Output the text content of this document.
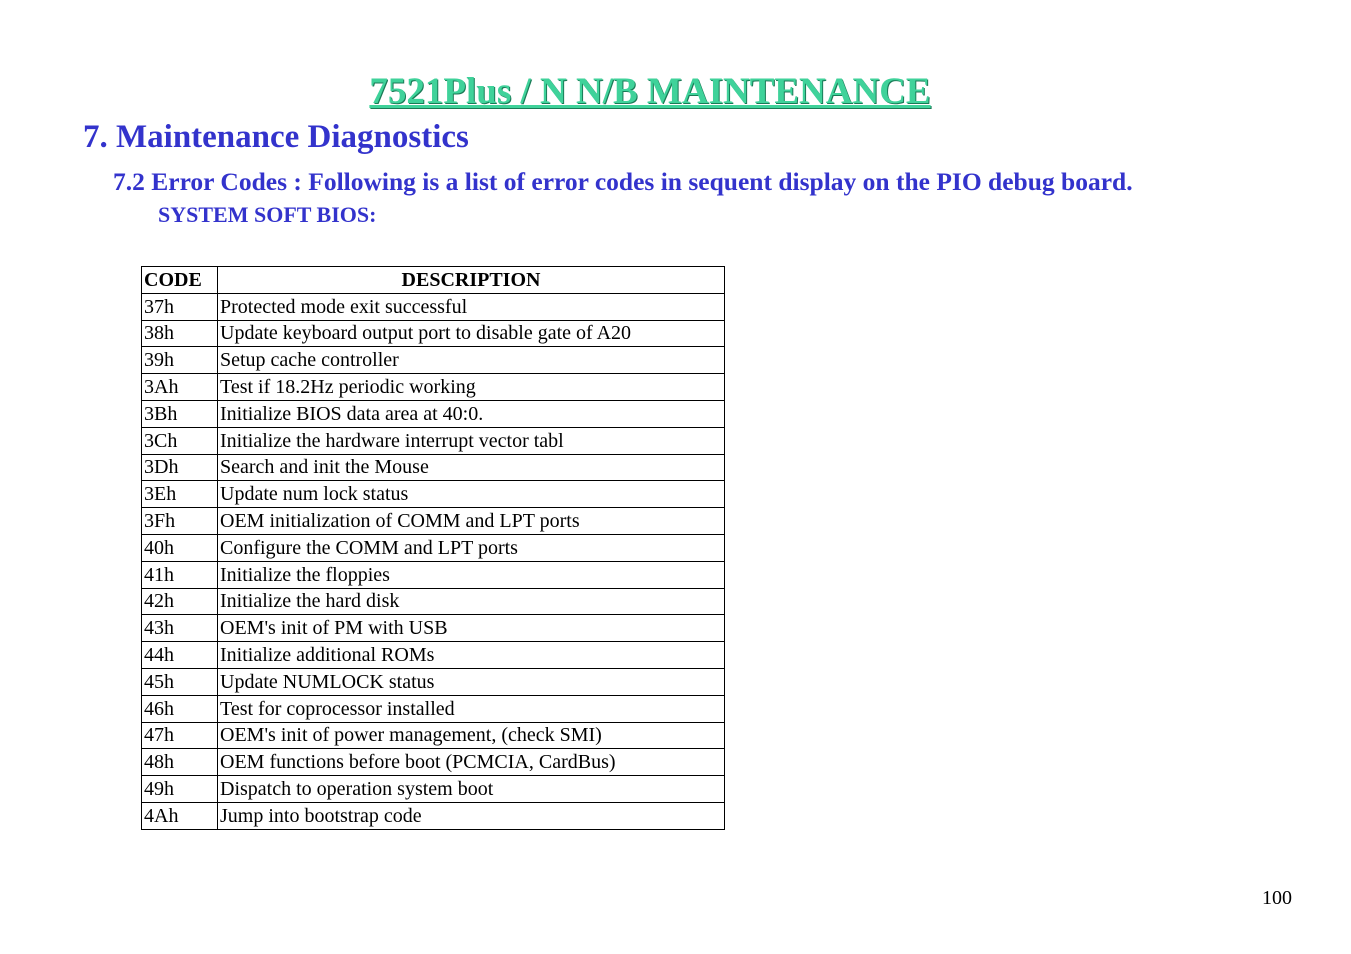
7521Plus / N N/B MAINTENANCE
7. Maintenance Diagnostics
7.2 Error Codes : Following is a list of error codes in sequent display on the PIO debug board.
SYSTEM SOFT BIOS:
CODE	DESCRIPTION
37h	Protected mode exit successful
38h	Update keyboard output port to disable gate of A20
39h	Setup cache controller
3Ah	Test if 18.2Hz periodic working
3Bh	Initialize BIOS data area at 40:0.
3Ch	Initialize the hardware interrupt vector tabl
3Dh	Search and init the Mouse
3Eh	Update num lock status
3Fh	OEM initialization of COMM and LPT ports
40h	Configure the COMM and LPT ports
41h	Initialize the floppies
42h	Initialize the hard disk
43h	OEM's init of PM with USB
44h	Initialize additional ROMs
45h	Update NUMLOCK status
46h	Test for coprocessor installed
47h	OEM's init of power management, (check SMI)
48h	OEM functions before boot (PCMCIA, CardBus)
49h	Dispatch to operation system boot
4Ah	Jump into bootstrap code
100
